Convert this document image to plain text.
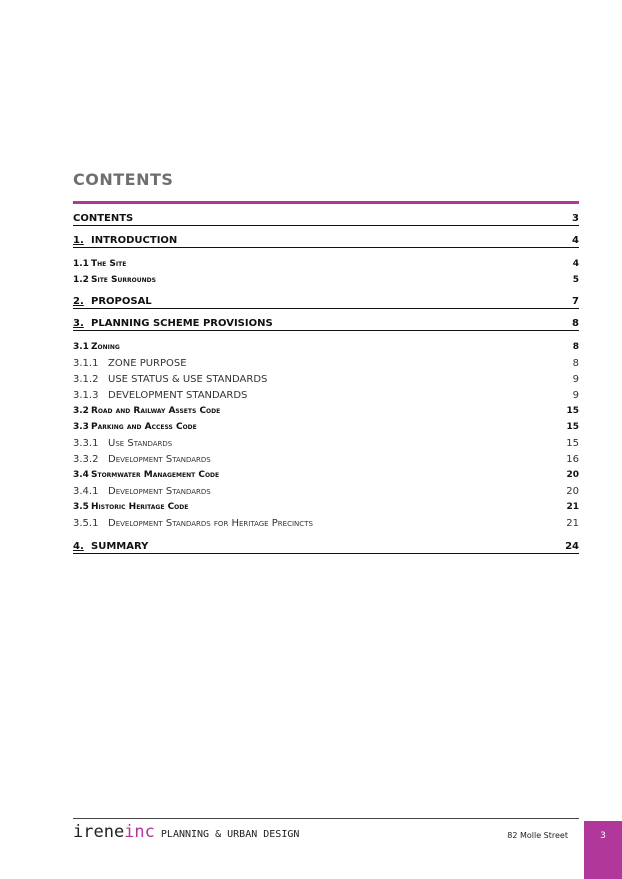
CONTENTS
CONTENTS	3
1. INTRODUCTION	4
1.1 The Site	4
1.2 Site Surrounds	5
2. PROPOSAL	7
3. PLANNING SCHEME PROVISIONS	8
3.1 Zoning	8
3.1.1 ZONE PURPOSE	8
3.1.2 USE STATUS & USE STANDARDS	9
3.1.3 DEVELOPMENT STANDARDS	9
3.2 Road and Railway Assets Code	15
3.3 Parking and Access Code	15
3.3.1 Use Standards	15
3.3.2 Development Standards	16
3.4 Stormwater Management Code	20
3.4.1 Development Standards	20
3.5 Historic Heritage Code	21
3.5.1 Development Standards for Heritage Precincts	21
4. SUMMARY	24
irene inc PLANNING & URBAN DESIGN	82 Molle Street	3
